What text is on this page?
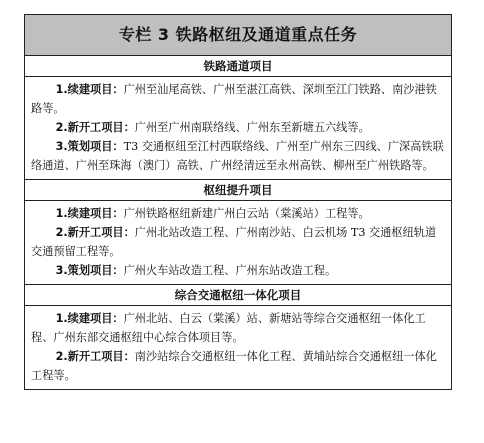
专栏 3 铁路枢纽及通道重点任务
铁路通道项目

1.续建项目：广州至汕尾高铁、广州至湛江高铁、深圳至江门铁路、南沙港铁路等。

2.新开工项目：广州至广州南联络线、广州东至新塘五六线等。

3.策划项目：T3 交通枢纽至江村西联络线、广州至广州东三四线、广深高铁联络通道、广州至珠海（澳门）高铁、广州经清远至永州高铁、柳州至广州铁路等。

枢纽提升项目

1.续建项目：广州铁路枢纽新建广州白云站（棠溪站）工程等。

2.新开工项目：广州北站改造工程、广州南沙站、白云机场 T3 交通枢纽轨道交通预留工程等。

3.策划项目：广州火车站改造工程、广州东站改造工程。

综合交通枢纽一体化项目

1.续建项目：广州北站、白云（棠溪）站、新塘站等综合交通枢纽一体化工程、广州东部交通枢纽中心综合体项目等。

2.新开工项目：南沙站综合交通枢纽一体化工程、黄埔站综合交通枢纽一体化工程等。
